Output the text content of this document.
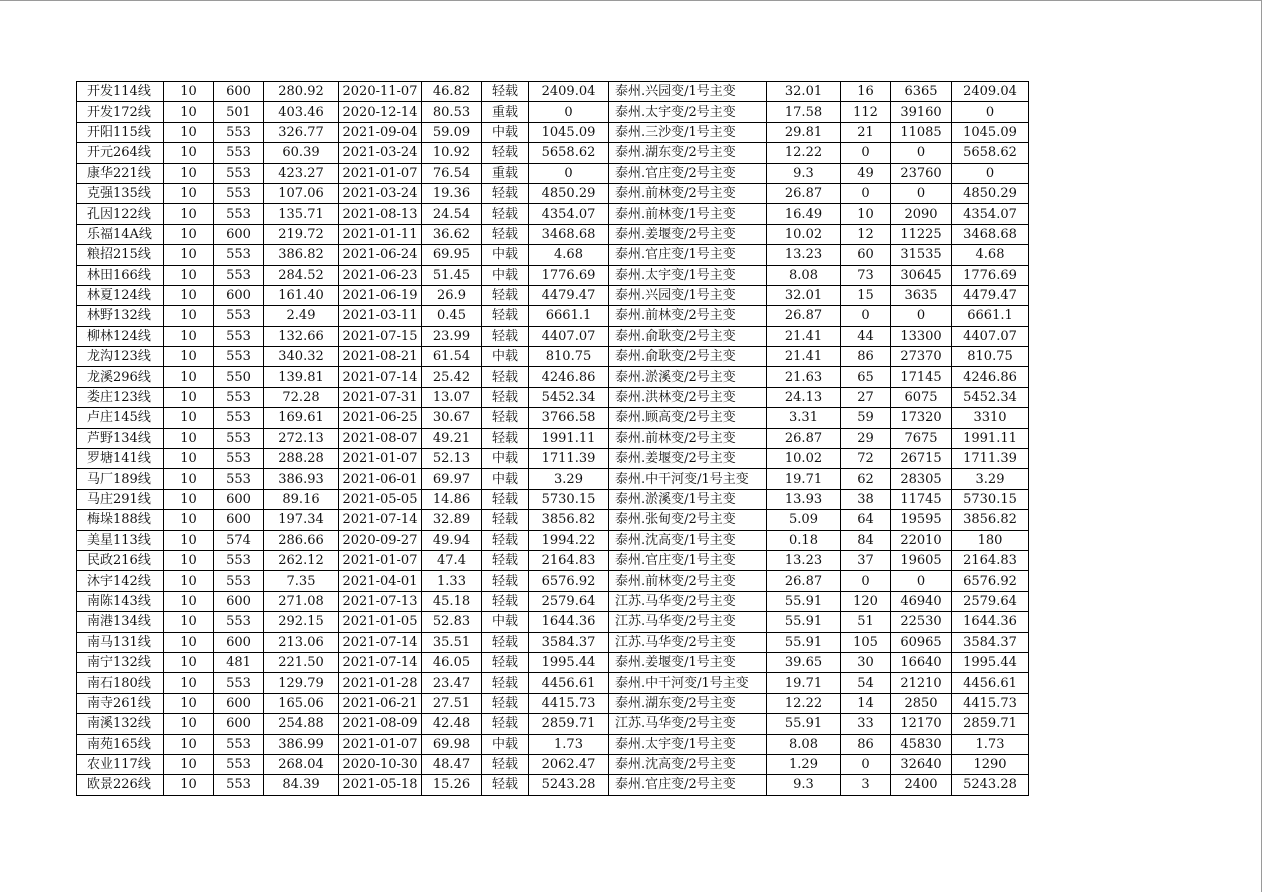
开发114线	10	600	280.92	2020-11-07	46.82	轻载	2409.04	泰州.兴园变/1号主变	32.01	16	6365	2409.04
开发172线	10	501	403.46	2020-12-14	80.53	重载	0	泰州.太宇变/2号主变	17.58	112	39160	0
开阳115线	10	553	326.77	2021-09-04	59.09	中载	1045.09	泰州.三沙变/1号主变	29.81	21	11085	1045.09
开元264线	10	553	60.39	2021-03-24	10.92	轻载	5658.62	泰州.湖东变/2号主变	12.22	0	0	5658.62
康华221线	10	553	423.27	2021-01-07	76.54	重载	0	泰州.官庄变/2号主变	9.3	49	23760	0
克强135线	10	553	107.06	2021-03-24	19.36	轻载	4850.29	泰州.前林变/2号主变	26.87	0	0	4850.29
孔因122线	10	553	135.71	2021-08-13	24.54	轻载	4354.07	泰州.前林变/1号主变	16.49	10	2090	4354.07
乐福14A线	10	600	219.72	2021-01-11	36.62	轻载	3468.68	泰州.姜堰变/2号主变	10.02	12	11225	3468.68
粮招215线	10	553	386.82	2021-06-24	69.95	中载	4.68	泰州.官庄变/1号主变	13.23	60	31535	4.68
林田166线	10	553	284.52	2021-06-23	51.45	中载	1776.69	泰州.太宇变/1号主变	8.08	73	30645	1776.69
林夏124线	10	600	161.40	2021-06-19	26.9	轻载	4479.47	泰州.兴园变/1号主变	32.01	15	3635	4479.47
林野132线	10	553	2.49	2021-03-11	0.45	轻载	6661.1	泰州.前林变/2号主变	26.87	0	0	6661.1
柳林124线	10	553	132.66	2021-07-15	23.99	轻载	4407.07	泰州.俞耿变/2号主变	21.41	44	13300	4407.07
龙沟123线	10	553	340.32	2021-08-21	61.54	中载	810.75	泰州.俞耿变/2号主变	21.41	86	27370	810.75
龙溪296线	10	550	139.81	2021-07-14	25.42	轻载	4246.86	泰州.淤溪变/2号主变	21.63	65	17145	4246.86
娄庄123线	10	553	72.28	2021-07-31	13.07	轻载	5452.34	泰州.洪林变/2号主变	24.13	27	6075	5452.34
卢庄145线	10	553	169.61	2021-06-25	30.67	轻载	3766.58	泰州.顾高变/2号主变	3.31	59	17320	3310
芦野134线	10	553	272.13	2021-08-07	49.21	轻载	1991.11	泰州.前林变/2号主变	26.87	29	7675	1991.11
罗塘141线	10	553	288.28	2021-01-07	52.13	中载	1711.39	泰州.姜堰变/2号主变	10.02	72	26715	1711.39
马厂189线	10	553	386.93	2021-06-01	69.97	中载	3.29	泰州.中干河变/1号主变	19.71	62	28305	3.29
马庄291线	10	600	89.16	2021-05-05	14.86	轻载	5730.15	泰州.淤溪变/1号主变	13.93	38	11745	5730.15
梅垛188线	10	600	197.34	2021-07-14	32.89	轻载	3856.82	泰州.张甸变/2号主变	5.09	64	19595	3856.82
美星113线	10	574	286.66	2020-09-27	49.94	轻载	1994.22	泰州.沈高变/1号主变	0.18	84	22010	180
民政216线	10	553	262.12	2021-01-07	47.4	轻载	2164.83	泰州.官庄变/1号主变	13.23	37	19605	2164.83
沐宇142线	10	553	7.35	2021-04-01	1.33	轻载	6576.92	泰州.前林变/2号主变	26.87	0	0	6576.92
南陈143线	10	600	271.08	2021-07-13	45.18	轻载	2579.64	江苏.马华变/2号主变	55.91	120	46940	2579.64
南港134线	10	553	292.15	2021-01-05	52.83	中载	1644.36	江苏.马华变/2号主变	55.91	51	22530	1644.36
南马131线	10	600	213.06	2021-07-14	35.51	轻载	3584.37	江苏.马华变/2号主变	55.91	105	60965	3584.37
南宁132线	10	481	221.50	2021-07-14	46.05	轻载	1995.44	泰州.姜堰变/1号主变	39.65	30	16640	1995.44
南石180线	10	553	129.79	2021-01-28	23.47	轻载	4456.61	泰州.中干河变/1号主变	19.71	54	21210	4456.61
南寺261线	10	600	165.06	2021-06-21	27.51	轻载	4415.73	泰州.湖东变/2号主变	12.22	14	2850	4415.73
南溪132线	10	600	254.88	2021-08-09	42.48	轻载	2859.71	江苏.马华变/2号主变	55.91	33	12170	2859.71
南苑165线	10	553	386.99	2021-01-07	69.98	中载	1.73	泰州.太宇变/1号主变	8.08	86	45830	1.73
农业117线	10	553	268.04	2020-10-30	48.47	轻载	2062.47	泰州.沈高变/2号主变	1.29	0	32640	1290
欧景226线	10	553	84.39	2021-05-18	15.26	轻载	5243.28	泰州.官庄变/2号主变	9.3	3	2400	5243.28
